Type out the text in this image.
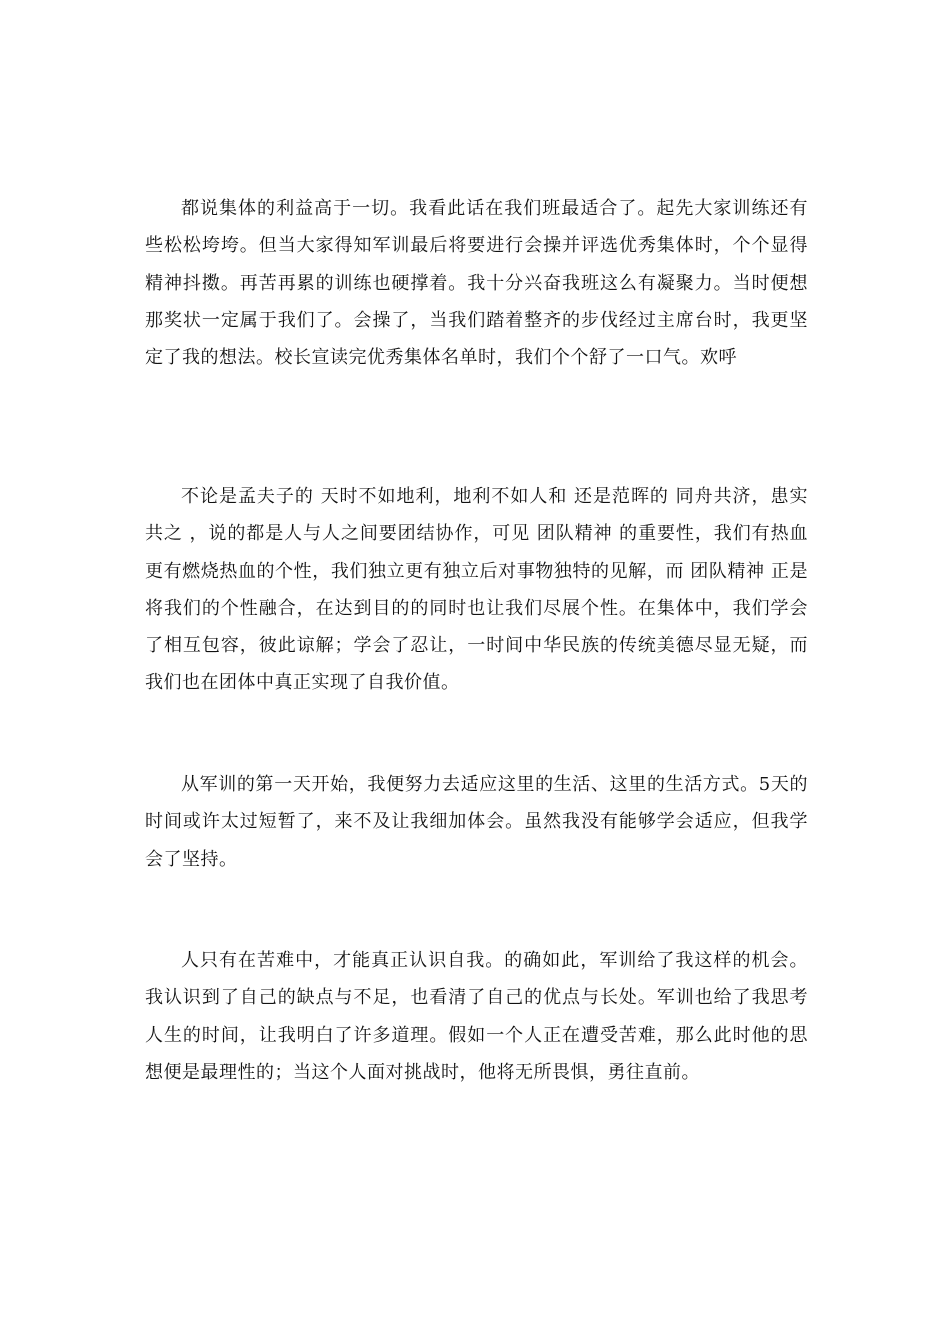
都说集体的利益高于一切。我看此话在我们班最适合了。起先大家训练还有些松松垮垮。但当大家得知军训最后将要进行会操并评选优秀集体时，个个显得精神抖擞。再苦再累的训练也硬撑着。我十分兴奋我班这么有凝聚力。当时便想那奖状一定属于我们了。会操了，当我们踏着整齐的步伐经过主席台时，我更坚定了我的想法。校长宣读完优秀集体名单时，我们个个舒了一口气。欢呼

不论是孟夫子的 天时不如地利，地利不如人和 还是范晖的 同舟共济，患实共之 ，说的都是人与人之间要团结协作，可见 团队精神 的重要性，我们有热血更有燃烧热血的个性，我们独立更有独立后对事物独特的见解，而 团队精神 正是将我们的个性融合，在达到目的的同时也让我们尽展个性。在集体中，我们学会了相互包容，彼此谅解；学会了忍让，一时间中华民族的传统美德尽显无疑，而我们也在团体中真正实现了自我价值。

从军训的第一天开始，我便努力去适应这里的生活、这里的生活方式。5天的时间或许太过短暂了，来不及让我细加体会。虽然我没有能够学会适应，但我学会了坚持。

人只有在苦难中，才能真正认识自我。的确如此，军训给了我这样的机会。我认识到了自己的缺点与不足，也看清了自己的优点与长处。军训也给了我思考人生的时间，让我明白了许多道理。假如一个人正在遭受苦难，那么此时他的思想便是最理性的；当这个人面对挑战时，他将无所畏惧，勇往直前。
